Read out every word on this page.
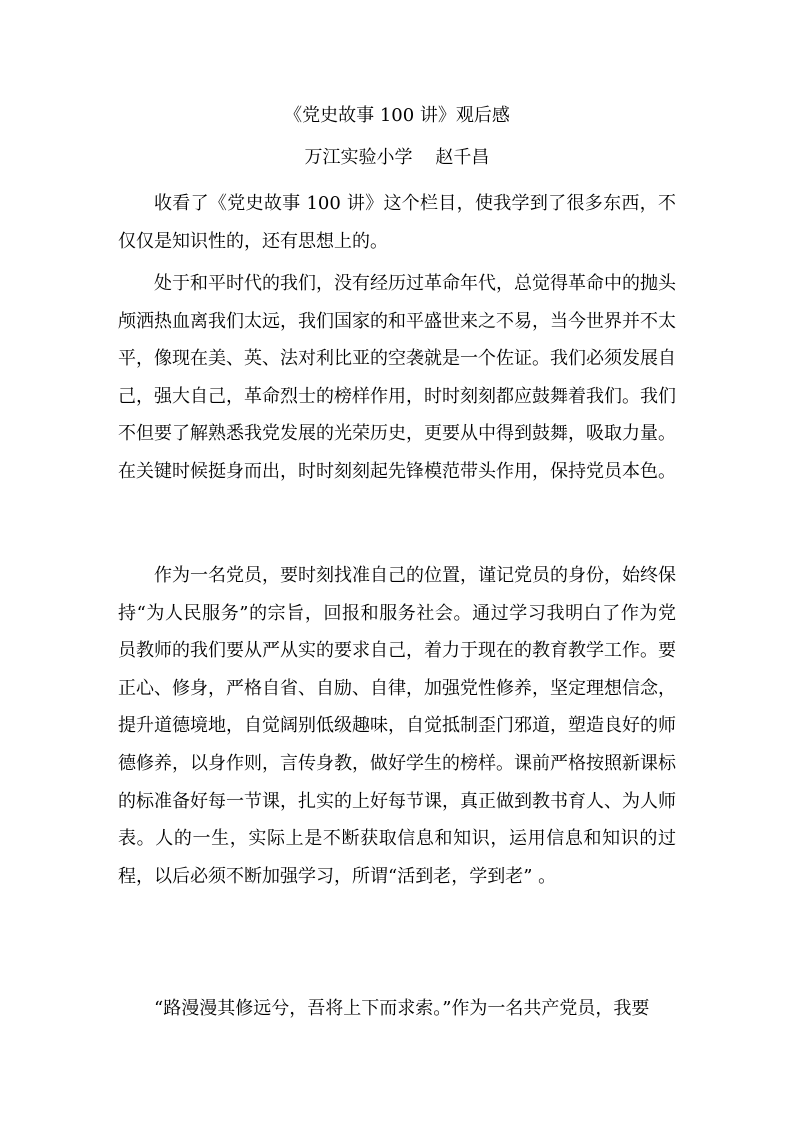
《党史故事 100 讲》观后感

万江实验小学    赵千昌

收看了《党史故事 100 讲》这个栏目，使我学到了很多东西，不仅仅是知识性的，还有思想上的。

处于和平时代的我们，没有经历过革命年代，总觉得革命中的抛头颅洒热血离我们太远，我们国家的和平盛世来之不易，当今世界并不太平，像现在美、英、法对利比亚的空袭就是一个佐证。我们必须发展自己，强大自己，革命烈士的榜样作用，时时刻刻都应鼓舞着我们。我们不但要了解熟悉我党发展的光荣历史，更要从中得到鼓舞，吸取力量。在关键时候挺身而出，时时刻刻起先锋模范带头作用，保持党员本色。

作为一名党员，要时刻找准自己的位置，谨记党员的身份，始终保持“为人民服务”的宗旨，回报和服务社会。通过学习我明白了作为党员教师的我们要从严从实的要求自己，着力于现在的教育教学工作。要正心、修身，严格自省、自励、自律，加强党性修养，坚定理想信念，提升道德境地，自觉阔别低级趣味，自觉抵制歪门邪道，塑造良好的师德修养，以身作则，言传身教，做好学生的榜样。课前严格按照新课标的标准备好每一节课，扎实的上好每节课，真正做到教书育人、为人师表。人的一生，实际上是不断获取信息和知识，运用信息和知识的过程，以后必须不断加强学习，所谓“活到老，学到老” 。

“路漫漫其修远兮，吾将上下而求索。”作为一名共产党员，我要
